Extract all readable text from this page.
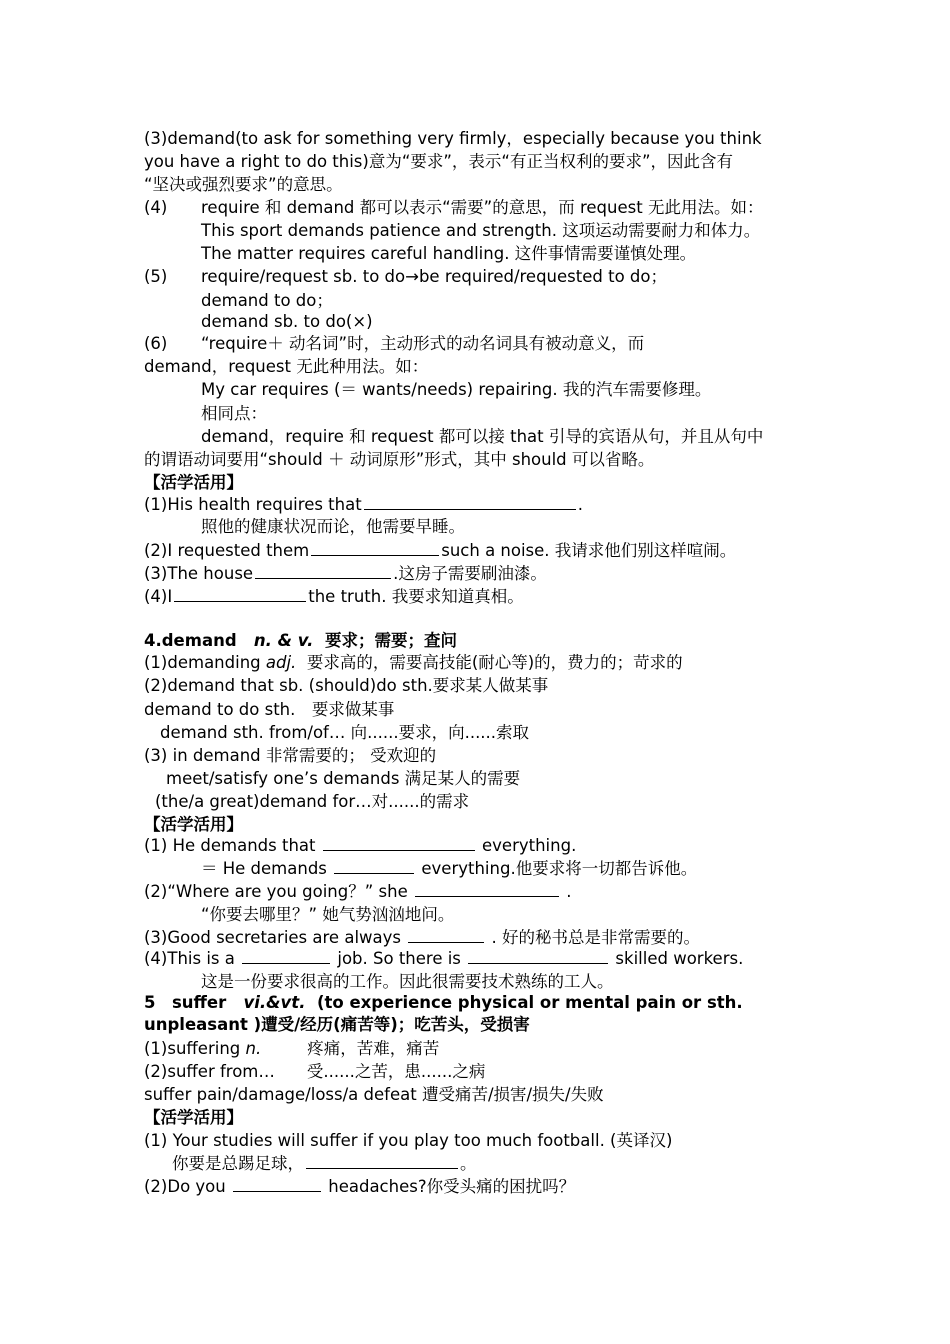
(3)demand(to ask for something very firmly，especially because you think
you have a right to do this)意为“要求”，表示“有正当权利的要求”，因此含有
“坚决或强烈要求”的意思。
(4) require 和 demand 都可以表示“需要”的意思，而 request 无此用法。如：
This sport demands patience and strength. 这项运动需要耐力和体力。
The matter requires careful handling. 这件事情需要谨慎处理。
(5) require/request sb. to do→be required/requested to do；
demand to do；
demand sb. to do(×)
(6) “require＋ 动名词”时，主动形式的动名词具有被动意义，而
demand，request 无此种用法。如：
My car requires (＝ wants/needs) repairing. 我的汽车需要修理。
相同点：
demand，require 和 request 都可以接 that 引导的宾语从句，并且从句中
的谓语动词要用“should ＋ 动词原形”形式，其中 should 可以省略。
【活学活用】
(1)His health requires that	.
照他的健康状况而论，他需要早睡。
(2)I requested them	such a noise. 我请求他们别这样喧闹。
(3)The house	.这房子需要刷油漆。
(4)I	the truth. 我要求知道真相。
4.demand n. & v. 要求；需要；查问
(1)demanding adj. 要求高的，需要高技能(耐心等)的，费力的；苛求的
(2)demand that sb. (should)do sth.要求某人做某事
demand to do sth.　要求做某事
demand sth. from/of… 向......要求，向......索取
(3) in demand 非常需要的； 受欢迎的
meet/satisfy one’s demands 满足某人的需要
(the/a great)demand for…对......的需求
【活学活用】
(1) He demands that	everything.
＝ He demands	everything.他要求将一切都告诉他。
(2)“Where are you going？” she	.
“你要去哪里？” 她气势汹汹地问。
(3)Good secretaries are always	. 好的秘书总是非常需要的。
(4)This is a	job. So there is	skilled workers.
这是一份要求很高的工作。因此很需要技术熟练的工人。
5　suffer vi.&vt. (to experience physical or mental pain or sth.
unpleasant )遭受/经历(痛苦等)；吃苦头，受损害
(1)suffering n.	疼痛，苦难，痛苦
(2)suffer from… 受......之苦，患......之病
suffer pain/damage/loss/a defeat 遭受痛苦/损害/损失/失败
【活学活用】
(1) Your studies will suffer if you play too much football. (英译汉)
你要是总踢足球，	。
(2)Do you	headaches?你受头痛的困扰吗？
